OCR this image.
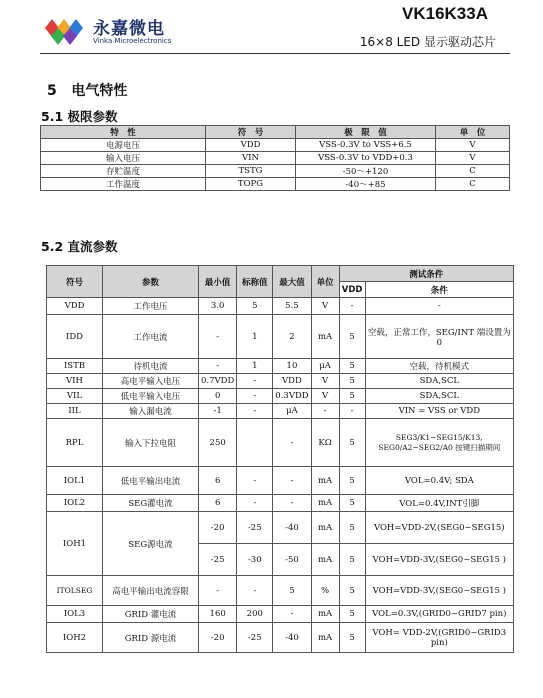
永嘉微电
Vinka Microelectronics
VK16K33A
16×8 LED 显示驱动芯片
5 电气特性
5.1 极限参数
特　性	符　号	极　限　值	单　位
电源电压	VDD	VSS-0.3V to VSS+6.5	V
输入电压	VIN	VSS-0.3V to VDD+0.3	V
存贮温度	TSTG	-50～+120	C
工作温度	TOPG	-40～+85	C
5.2 直流参数
符号	参数	最小值	标称值	最大值	单位	测试条件	
						VDD	条件
VDD	工作电压	3.0	5	5.5	V	-	-
IDD	工作电流	-	1	2	mA	5	空载，正常工作，SEG/INT 端设置为0
ISTB	待机电流	-	1	10	μA	5	空载，待机模式
VIH	高电平输入电压	0.7VDD	-	VDD	V	5	SDA,SCL
VIL	低电平输入电压	0	-	0.3VDD	V	5	SDA,SCL
IIL	输入漏电流	-1	-	μA	-	-	VIN = VSS or VDD
RPL	输入下拉电阻	250		-	KΩ	5	SEG3/K1~SEG15/K13, SEG0/A2~SEG2/A0 按键扫描期间
IOL1	低电平输出电流	6	-	-	mA	5	VOL=0.4V; SDA
IOL2	SEG灌电流	6	-	-	mA	5	VOL=0.4V,INT引脚
IOH1	SEG源电流	-20	-25	-40	mA	5	VOH=VDD-2V,(SEG0~SEG15)
		-25	-30	-50	mA	5	VOH=VDD-3V,(SEG0~SEG15 )
ITOLSEG	高电平输出电流容限	-	-	5	%	5	VOH=VDD-3V,(SEG0~SEG15 )
IOL3	GRID 灌电流	160	200	-	mA	5	VOL=0.3V,(GRID0~GRID7 pin)
IOH2	GRID 源电流	-20	-25	-40	mA	5	VOH= VDD-2V,(GRID0~GRID3 pin)
